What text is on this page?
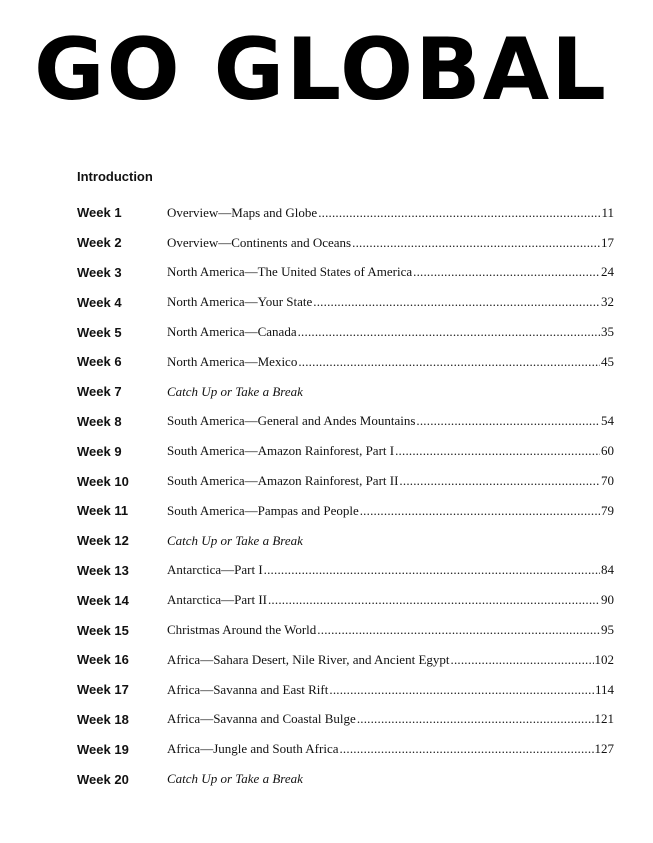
GO GLOBAL
Introduction
Week 1	Overview—Maps and Globe .....	11
Week 2	Overview—Continents and Oceans .....	17
Week 3	North America—The United States of America .....	24
Week 4	North America—Your State .....	32
Week 5	North America—Canada .....	35
Week 6	North America—Mexico .....	45
Week 7	Catch Up or Take a Break
Week 8	South America—General and Andes Mountains .....	54
Week 9	South America—Amazon Rainforest, Part I .....	60
Week 10	South America—Amazon Rainforest, Part II .....	70
Week 11	South America—Pampas and People .....	79
Week 12	Catch Up or Take a Break
Week 13	Antarctica—Part I .....	84
Week 14	Antarctica—Part II .....	90
Week 15	Christmas Around the World .....	95
Week 16	Africa—Sahara Desert, Nile River, and Ancient Egypt .....	102
Week 17	Africa—Savanna and East Rift .....	114
Week 18	Africa—Savanna and Coastal Bulge .....	121
Week 19	Africa—Jungle and South Africa .....	127
Week 20	Catch Up or Take a Break
